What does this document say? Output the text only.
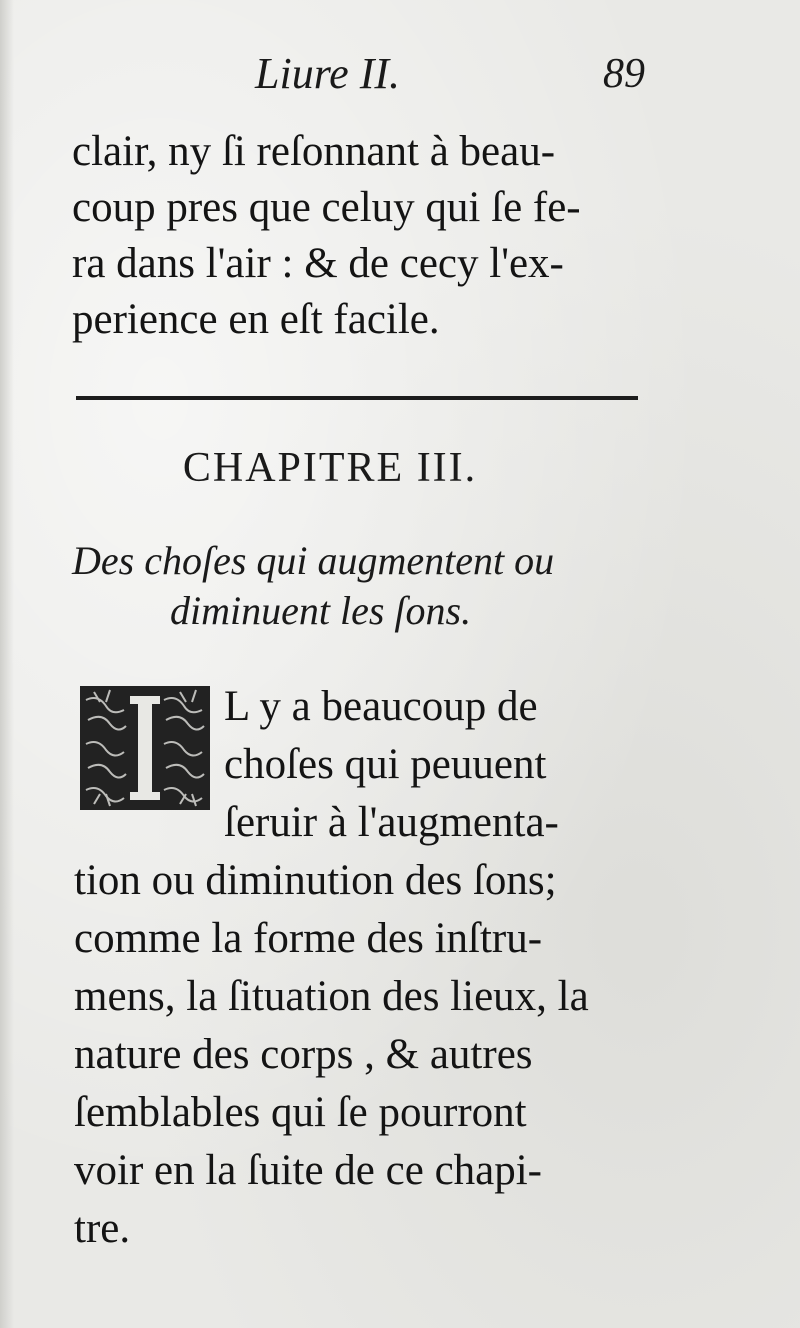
Liure II.	89
clair, ny ſi reſonnant à beau-
coup pres que celuy qui ſe fe-
ra dans l'air : & de cecy l'ex-
perience en eſt facile.
CHAPITRE III.
Des choſes qui augmentent ou
diminuent les ſons.
L y a beaucoup de
choſes qui peuuent
ſeruir à l'augmenta-
tion ou diminution des ſons;
comme la forme des inſtru-
mens, la ſituation des lieux, la
nature des corps , & autres
ſemblables qui ſe pourront
voir en la ſuite de ce chapi-
tre.
